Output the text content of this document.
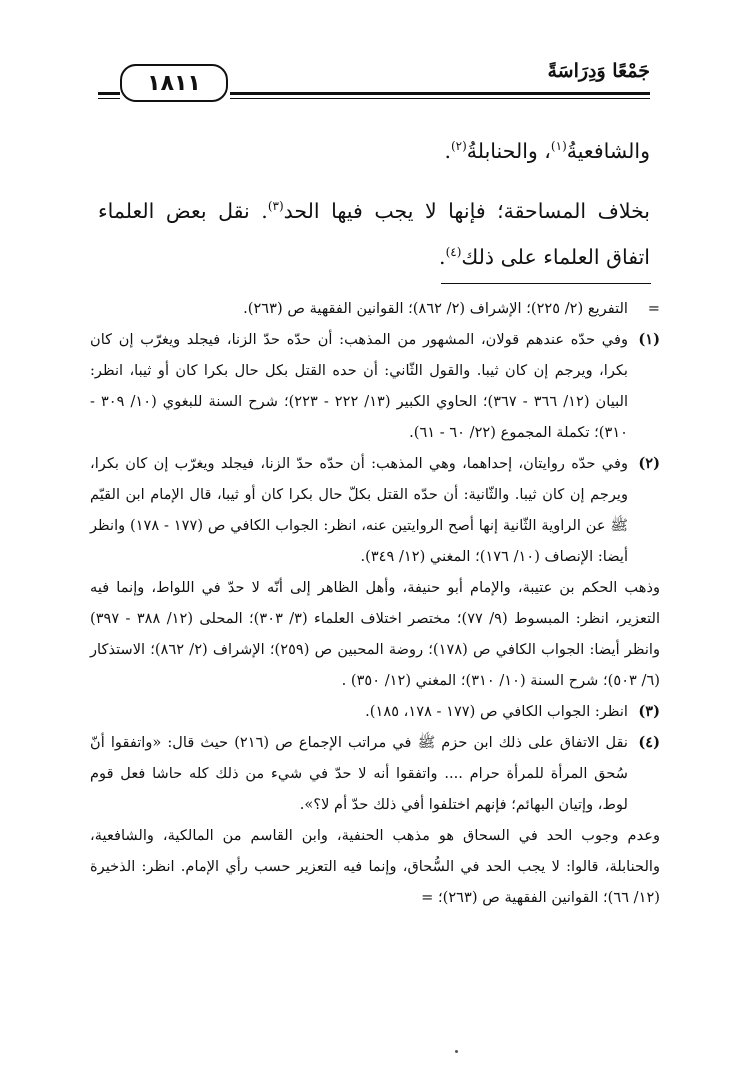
جَمْعًا وَدِرَاسَةً
١٨١١

والشافعيةُ$^{(١)}$، والحنابلةُ$^{(٢)}$.

بخلاف المساحقة؛ فإنها لا يجب فيها الحد$^{(٣)}$. نقل بعض العلماء اتفاق العلماء على ذلك$^{(٤)}$.

=

التفريع (٢/ ٢٢٥)؛ الإشراف (٢/ ٨٦٢)؛ القوانين الفقهية ص (٢٦٣).

(١)

وفي حدّه عندهم قولان، المشهور من المذهب: أن حدّه حدّ الزنا، فيجلد ويغرّب إن كان بكرا، ويرجم إن كان ثيبا. والقول الثّاني: أن حده القتل بكل حال بكرا كان أو ثيبا، انظر: البيان (١٢/ ٣٦٦ - ٣٦٧)؛ الحاوي الكبير (١٣/ ٢٢٢ - ٢٢٣)؛ شرح السنة للبغوي (١٠/ ٣٠٩ - ٣١٠)؛ تكملة المجموع (٢٢/ ٦٠ - ٦١).

(٢)

وفي حدّه روايتان، إحداهما، وهي المذهب: أن حدّه حدّ الزنا، فيجلد ويغرّب إن كان بكرا، ويرجم إن كان ثيبا. والثّانية: أن حدّه القتل بكلّ حال بكرا كان أو ثيبا، قال الإمام ابن القيّم ﷺ عن الراوية الثّانية إنها أصح الروايتين عنه، انظر: الجواب الكافي ص (١٧٧ - ١٧٨) وانظر أيضا: الإنصاف (١٠/ ١٧٦)؛ المغني (١٢/ ٣٤٩).

وذهب الحكم بن عتيبة، والإمام أبو حنيفة، وأهل الظاهر إلى أنّه لا حدّ في اللواط، وإنما فيه التعزير، انظر: المبسوط (٩/ ٧٧)؛ مختصر اختلاف العلماء (٣/ ٣٠٣)؛ المحلى (١٢/ ٣٨٨ - ٣٩٧) وانظر أيضا: الجواب الكافي ص (١٧٨)؛ روضة المحبين ص (٢٥٩)؛ الإشراف (٢/ ٨٦٢)؛ الاستذكار (٦/ ٥٠٣)؛ شرح السنة (١٠/ ٣١٠)؛ المغني (١٢/ ٣٥٠) .

(٣)

انظر: الجواب الكافي ص (١٧٧ - ١٧٨، ١٨٥).

(٤)

نقل الاتفاق على ذلك ابن حزم ﷺ في مراتب الإجماع ص (٢١٦) حيث قال: «واتفقوا أنّ سُحق المرأة للمرأة حرام .... واتفقوا أنه لا حدّ في شيء من ذلك كله حاشا فعل قوم لوط، وإتيان البهائم؛ فإنهم اختلفوا أفي ذلك حدّ أم لا؟».

وعدم وجوب الحد في السحاق هو مذهب الحنفية، وابن القاسم من المالكية، والشافعية، والحنابلة، قالوا: لا يجب الحد في السُّحاق، وإنما فيه التعزير حسب رأي الإمام. انظر: الذخيرة (١٢/ ٦٦)؛ القوانين الفقهية ص (٢٦٣)؛ =
